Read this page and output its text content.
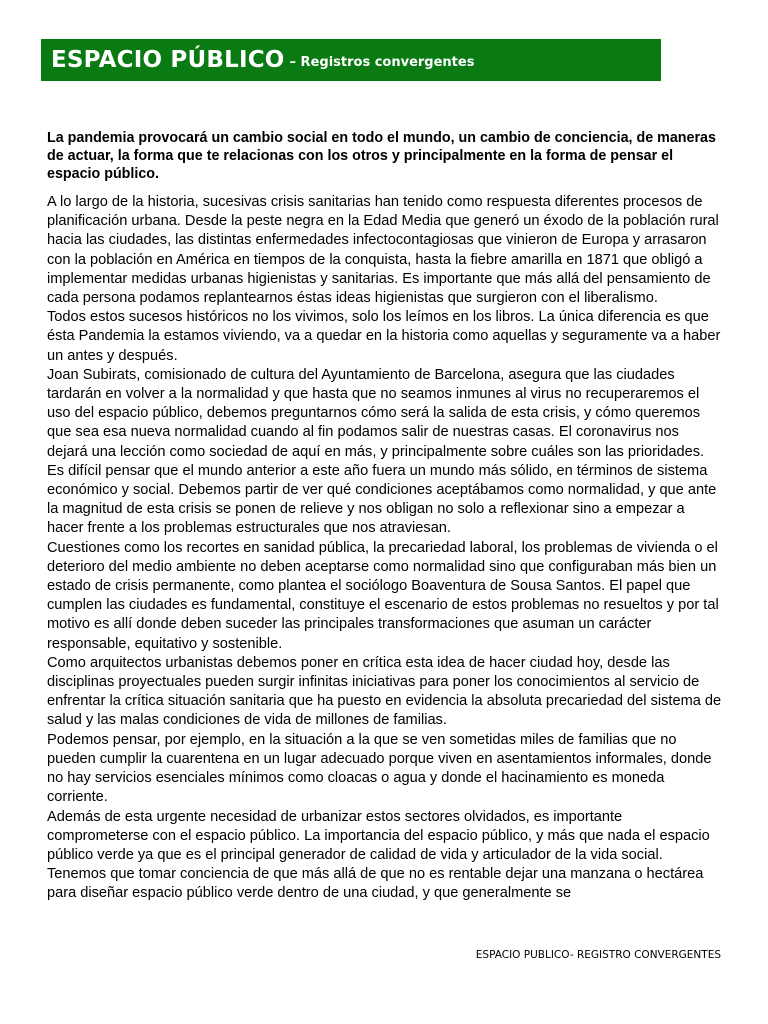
ESPACIO PÚBLICO – Registros convergentes

La pandemia provocará un cambio social en todo el mundo, un cambio de conciencia, de maneras de actuar, la forma que te relacionas con los otros y principalmente en la forma de pensar el espacio público.

A lo largo de la historia, sucesivas crisis sanitarias han tenido como respuesta diferentes procesos de planificación urbana. Desde la peste negra en la Edad Media que generó un éxodo de la población rural hacia las ciudades, las distintas enfermedades infectocontagiosas que vinieron de Europa y arrasaron con la población en América en tiempos de la conquista, hasta la fiebre amarilla en 1871 que obligó a implementar medidas urbanas higienistas y sanitarias. Es importante que más allá del pensamiento de cada persona podamos replantearnos éstas ideas higienistas que surgieron con el liberalismo.

Todos estos sucesos históricos no los vivimos, solo los leímos en los libros. La única diferencia es que ésta Pandemia la estamos viviendo, va a quedar en la historia como aquellas y seguramente va a haber un antes y después.

Joan Subirats, comisionado de cultura del Ayuntamiento de Barcelona, asegura que las ciudades tardarán en volver a la normalidad y que hasta que no seamos inmunes al virus no recuperaremos el uso del espacio público, debemos preguntarnos cómo será la salida de esta crisis, y cómo queremos que sea esa nueva normalidad cuando al fin podamos salir de nuestras casas. El coronavirus nos dejará una lección como sociedad de aquí en más, y principalmente sobre cuáles son las prioridades.

Es difícil pensar que el mundo anterior a este año fuera un mundo más sólido, en términos de sistema económico y social. Debemos partir de ver qué condiciones aceptábamos como normalidad, y que ante la magnitud de esta crisis se ponen de relieve y nos obligan no solo a reflexionar sino a empezar a hacer frente a los problemas estructurales que nos atraviesan.

Cuestiones como los recortes en sanidad pública, la precariedad laboral, los problemas de vivienda o el deterioro del medio ambiente no deben aceptarse como normalidad sino que configuraban más bien un estado de crisis permanente, como plantea el sociólogo Boaventura de Sousa Santos. El papel que cumplen las ciudades es fundamental, constituye el escenario de estos problemas no resueltos y por tal motivo es allí donde deben suceder las principales transformaciones que asuman un carácter responsable, equitativo y sostenible.

Como arquitectos urbanistas debemos poner en crítica esta idea de hacer ciudad hoy, desde las disciplinas proyectuales pueden surgir infinitas iniciativas para poner los conocimientos al servicio de enfrentar la crítica situación sanitaria que ha puesto en evidencia la absoluta precariedad del sistema de salud y las malas condiciones de vida de millones de familias.

Podemos pensar, por ejemplo, en la situación a la que se ven sometidas miles de familias que no pueden cumplir la cuarentena en un lugar adecuado porque viven en asentamientos informales, donde no hay servicios esenciales mínimos como cloacas o agua y donde el hacinamiento es moneda corriente.

Además de esta urgente necesidad de urbanizar estos sectores olvidados, es importante comprometerse con el espacio público. La importancia del espacio público, y más que nada el espacio público verde ya que es el principal generador de calidad de vida y articulador de la vida social. Tenemos que tomar conciencia de que más allá de que no es rentable dejar una manzana o hectárea para diseñar espacio público verde dentro de una ciudad, y que generalmente se

ESPACIO PUBLICO- REGISTRO CONVERGENTES
